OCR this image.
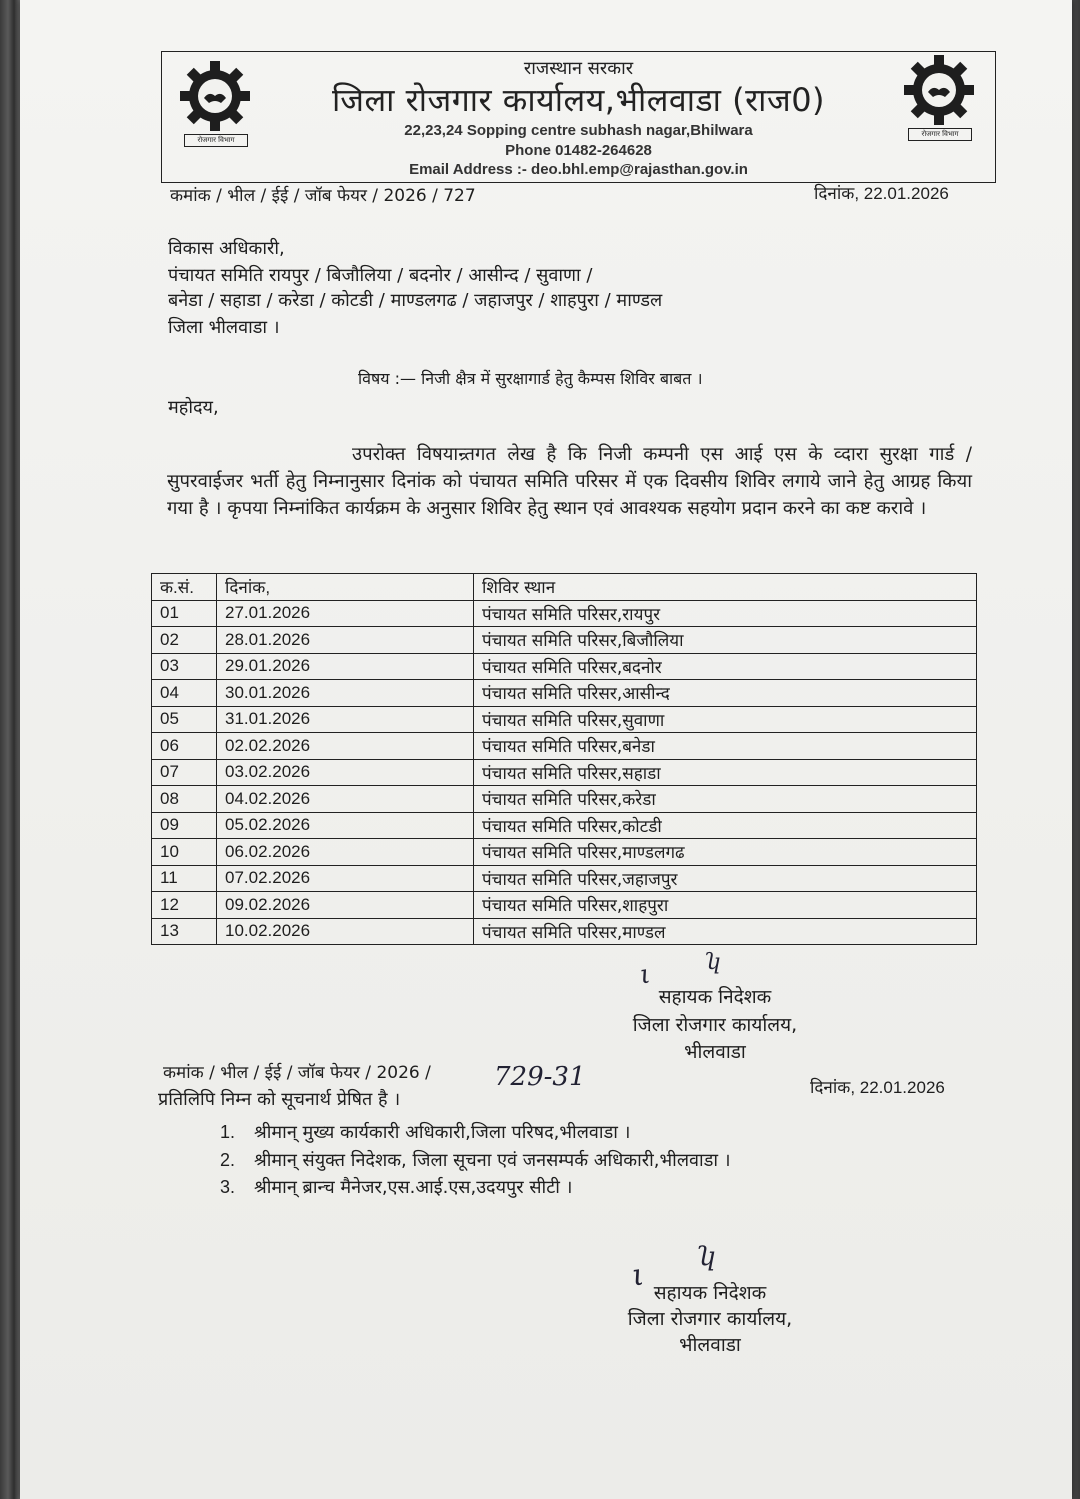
रोजगार विभाग
रोजगार विभाग
राजस्थान सरकार
जिला रोजगार कार्यालय,भीलवाडा (राज0)
22,23,24 Sopping centre subhash nagar,Bhilwara
Phone 01482-264628
Email Address :- deo.bhl.emp@rajasthan.gov.in
कमांक / भील / ईई / जॉब फेयर / 2026 / 727	दिनांक, 22.01.2026
विकास अधिकारी,
पंचायत समिति रायपुर / बिजौलिया / बदनोर / आसीन्द / सुवाणा /
बनेडा / सहाडा / करेडा / कोटडी / माण्डलगढ / जहाजपुर / शाहपुरा / माण्डल
जिला भीलवाडा ।
विषय :— निजी क्षैत्र में सुरक्षागार्ड हेतु कैम्पस शिविर बाबत ।
महोदय,
उपरोक्त विषयान्र्तगत लेख है कि निजी कम्पनी एस आई एस के व्दारा सुरक्षा गार्ड / सुपरवाईजर भर्ती हेतु निम्नानुसार दिनांक को पंचायत समिति परिसर में एक दिवसीय शिविर लगाये जाने हेतु आग्रह किया गया है । कृपया निम्नांकित कार्यक्रम के अनुसार शिविर हेतु स्थान एवं आवश्यक सहयोग प्रदान करने का कष्ट करावे ।
क.सं.	दिनांक,	शिविर स्थान
01	27.01.2026	पंचायत समिति परिसर,रायपुर
02	28.01.2026	पंचायत समिति परिसर,बिजौलिया
03	29.01.2026	पंचायत समिति परिसर,बदनोर
04	30.01.2026	पंचायत समिति परिसर,आसीन्द
05	31.01.2026	पंचायत समिति परिसर,सुवाणा
06	02.02.2026	पंचायत समिति परिसर,बनेडा
07	03.02.2026	पंचायत समिति परिसर,सहाडा
08	04.02.2026	पंचायत समिति परिसर,करेडा
09	05.02.2026	पंचायत समिति परिसर,कोटडी
10	06.02.2026	पंचायत समिति परिसर,माण्डलगढ
11	07.02.2026	पंचायत समिति परिसर,जहाजपुर
12	09.02.2026	पंचायत समिति परिसर,शाहपुरा
13	10.02.2026	पंचायत समिति परिसर,माण्डल
ι ʮ
सहायक निदेशक
जिला रोजगार कार्यालय,
भीलवाडा
कमांक / भील / ईई / जॉब फेयर / 2026 / 729-31	दिनांक, 22.01.2026
प्रतिलिपि निम्न को सूचनार्थ प्रेषित है ।
1. श्रीमान् मुख्य कार्यकारी अधिकारी,जिला परिषद,भीलवाडा ।
2. श्रीमान् संयुक्त निदेशक, जिला सूचना एवं जनसम्पर्क अधिकारी,भीलवाडा ।
3. श्रीमान् ब्रान्च मैनेजर,एस.आई.एस,उदयपुर सीटी ।
ι
ʮ
सहायक निदेशक
जिला रोजगार कार्यालय,
भीलवाडा
